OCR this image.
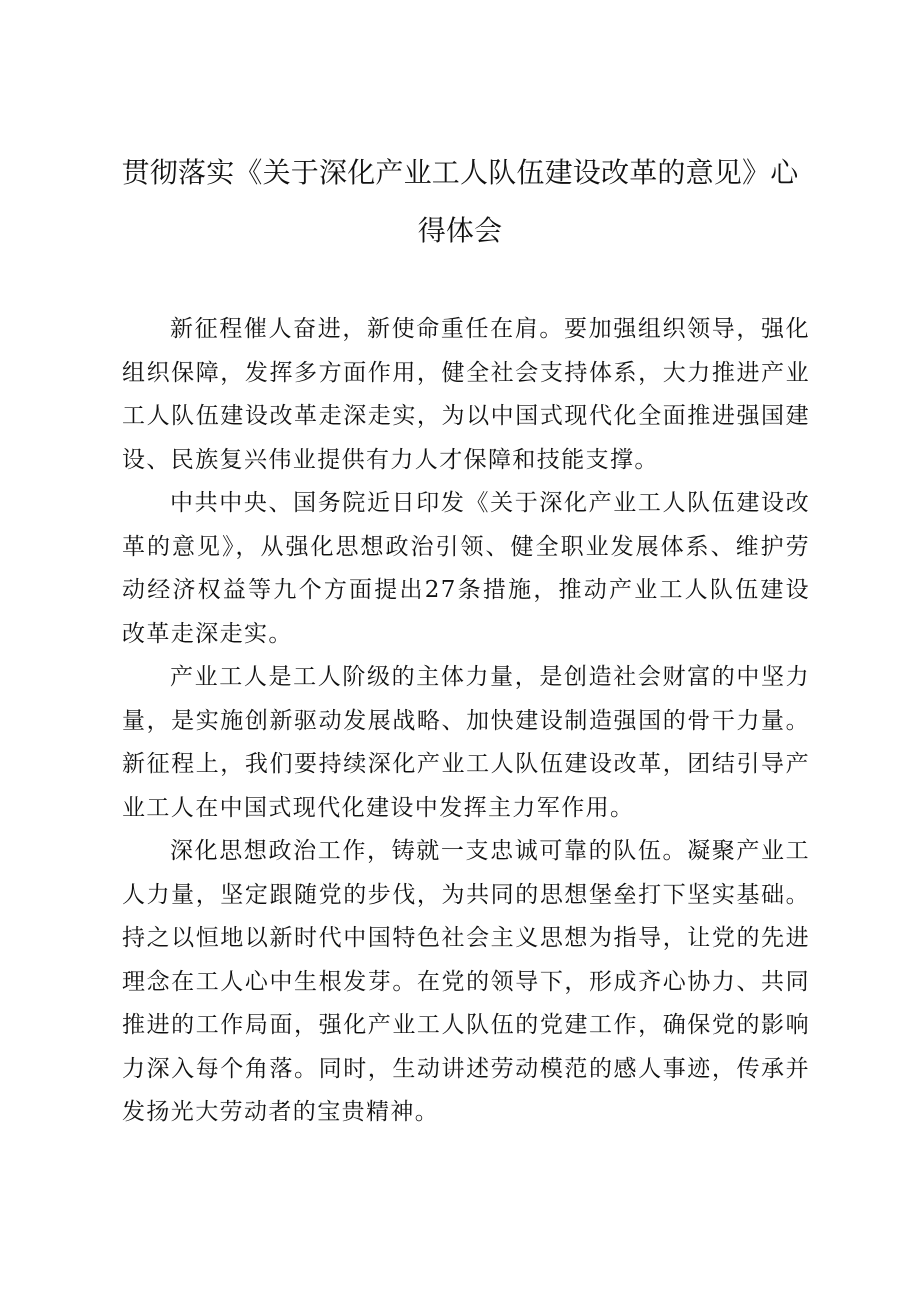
贯彻落实《关于深化产业工人队伍建设改革的意见》心得体会

新征程催人奋进，新使命重任在肩。要加强组织领导，强化组织保障，发挥多方面作用，健全社会支持体系，大力推进产业工人队伍建设改革走深走实，为以中国式现代化全面推进强国建设、民族复兴伟业提供有力人才保障和技能支撑。

中共中央、国务院近日印发《关于深化产业工人队伍建设改革的意见》，从强化思想政治引领、健全职业发展体系、维护劳动经济权益等九个方面提出27条措施，推动产业工人队伍建设改革走深走实。

产业工人是工人阶级的主体力量，是创造社会财富的中坚力量，是实施创新驱动发展战略、加快建设制造强国的骨干力量。新征程上，我们要持续深化产业工人队伍建设改革，团结引导产业工人在中国式现代化建设中发挥主力军作用。

深化思想政治工作，铸就一支忠诚可靠的队伍。凝聚产业工人力量，坚定跟随党的步伐，为共同的思想堡垒打下坚实基础。持之以恒地以新时代中国特色社会主义思想为指导，让党的先进理念在工人心中生根发芽。在党的领导下，形成齐心协力、共同推进的工作局面，强化产业工人队伍的党建工作，确保党的影响力深入每个角落。同时，生动讲述劳动模范的感人事迹，传承并发扬光大劳动者的宝贵精神。
